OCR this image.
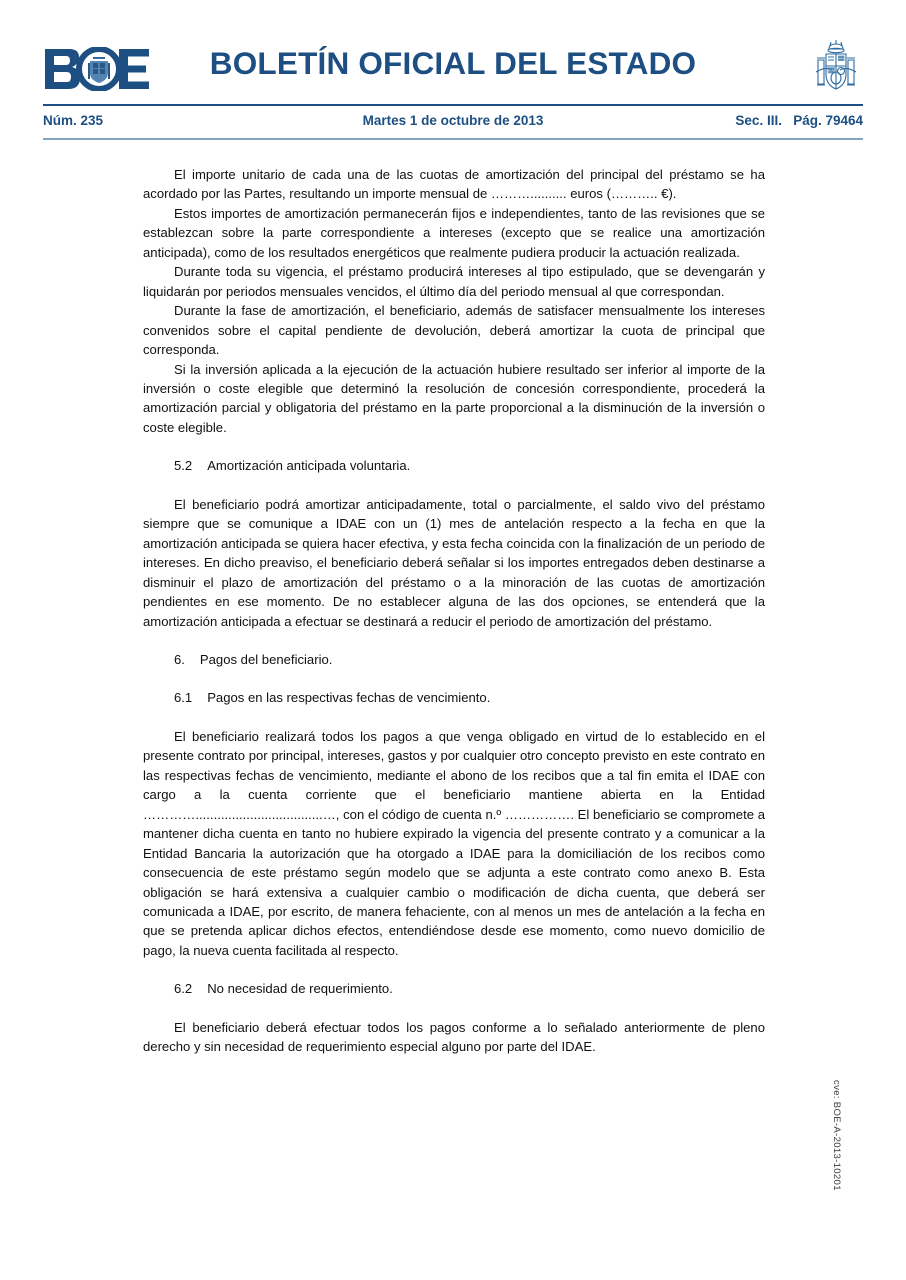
BOLETÍN OFICIAL DEL ESTADO
Núm. 235	Martes 1 de octubre de 2013	Sec. III.   Pág. 79464

El importe unitario de cada una de las cuotas de amortización del principal del préstamo se ha acordado por las Partes, resultando un importe mensual de ……….......... euros (……….. €).

Estos importes de amortización permanecerán fijos e independientes, tanto de las revisiones que se establezcan sobre la parte correspondiente a intereses (excepto que se realice una amortización anticipada), como de los resultados energéticos que realmente pudiera producir la actuación realizada.

Durante toda su vigencia, el préstamo producirá intereses al tipo estipulado, que se devengarán y liquidarán por periodos mensuales vencidos, el último día del periodo mensual al que correspondan.

Durante la fase de amortización, el beneficiario, además de satisfacer mensualmente los intereses convenidos sobre el capital pendiente de devolución, deberá amortizar la cuota de principal que corresponda.

Si la inversión aplicada a la ejecución de la actuación hubiere resultado ser inferior al importe de la inversión o coste elegible que determinó la resolución de concesión correspondiente, procederá la amortización parcial y obligatoria del préstamo en la parte proporcional a la disminución de la inversión o coste elegible.

5.2 Amortización anticipada voluntaria.

El beneficiario podrá amortizar anticipadamente, total o parcialmente, el saldo vivo del préstamo siempre que se comunique a IDAE con un (1) mes de antelación respecto a la fecha en que la amortización anticipada se quiera hacer efectiva, y esta fecha coincida con la finalización de un periodo de intereses. En dicho preaviso, el beneficiario deberá señalar si los importes entregados deben destinarse a disminuir el plazo de amortización del préstamo o a la minoración de las cuotas de amortización pendientes en ese momento. De no establecer alguna de las dos opciones, se entenderá que la amortización anticipada a efectuar se destinará a reducir el periodo de amortización del préstamo.

6. Pagos del beneficiario.

6.1 Pagos en las respectivas fechas de vencimiento.

El beneficiario realizará todos los pagos a que venga obligado en virtud de lo establecido en el presente contrato por principal, intereses, gastos y por cualquier otro concepto previsto en este contrato en las respectivas fechas de vencimiento, mediante el abono de los recibos que a tal fin emita el IDAE con cargo a la cuenta corriente que el beneficiario mantiene abierta en la Entidad …………...................................…, con el código de cuenta n.º ……………. El beneficiario se compromete a mantener dicha cuenta en tanto no hubiere expirado la vigencia del presente contrato y a comunicar a la Entidad Bancaria la autorización que ha otorgado a IDAE para la domiciliación de los recibos como consecuencia de este préstamo según modelo que se adjunta a este contrato como anexo B. Esta obligación se hará extensiva a cualquier cambio o modificación de dicha cuenta, que deberá ser comunicada a IDAE, por escrito, de manera fehaciente, con al menos un mes de antelación a la fecha en que se pretenda aplicar dichos efectos, entendiéndose desde ese momento, como nuevo domicilio de pago, la nueva cuenta facilitada al respecto.

6.2 No necesidad de requerimiento.

El beneficiario deberá efectuar todos los pagos conforme a lo señalado anteriormente de pleno derecho y sin necesidad de requerimiento especial alguno por parte del IDAE.

cve: BOE-A-2013-10201
